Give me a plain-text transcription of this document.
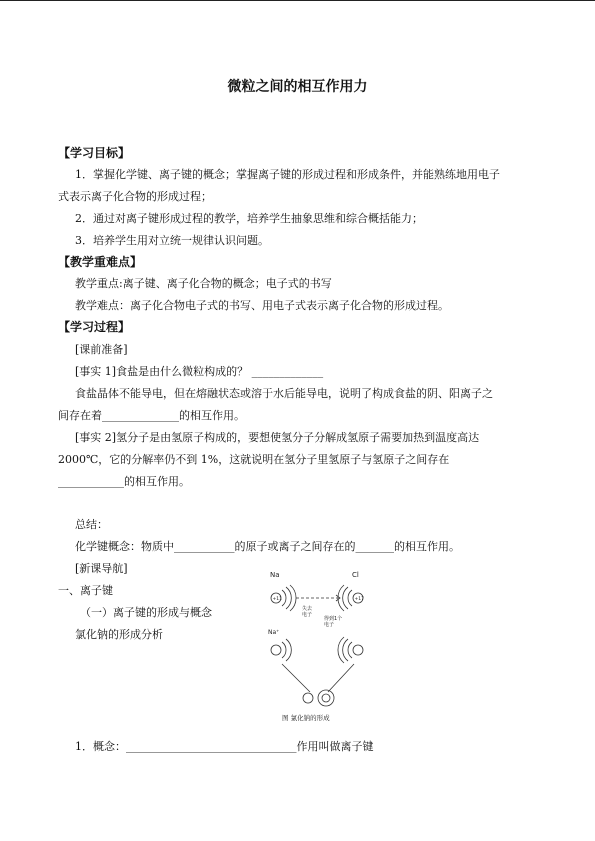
微粒之间的相互作用力
【学习目标】
1．掌握化学键、离子键的概念；掌握离子键的形成过程和形成条件，并能熟练地用电子
式表示离子化合物的形成过程；
2．通过对离子键形成过程的教学，培养学生抽象思维和综合概括能力；
3．培养学生用对立统一规律认识问题。
【教学重难点】
教学重点:离子键、离子化合物的概念；电子式的书写
教学难点：离子化合物电子式的书写、用电子式表示离子化合物的形成过程。
【学习过程】
[课前准备]
[事实 1]食盐是由什么微粒构成的？ _____________
食盐晶体不能导电，但在熔融状态或溶于水后能导电，说明了构成食盐的阴、阳离子之
间存在着______________的相互作用。
[事实 2]氢分子是由氢原子构成的，要想使氢分子分解成氢原子需要加热到温度高达
2000℃，它的分解率仍不到 1%，这就说明在氢分子里氢原子与氢原子之间存在
____________的相互作用。
总结：
化学键概念：物质中___________的原子或离子之间存在的_______的相互作用。
[新课导航]
一、离子键
（一）离子键的形成与概念
氯化钠的形成分析
Na
+11
Cl
+17
失去电子
得到1个电子
Na⁺
图 氯化钠的形成
1．概念：_______________________________作用叫做离子键
